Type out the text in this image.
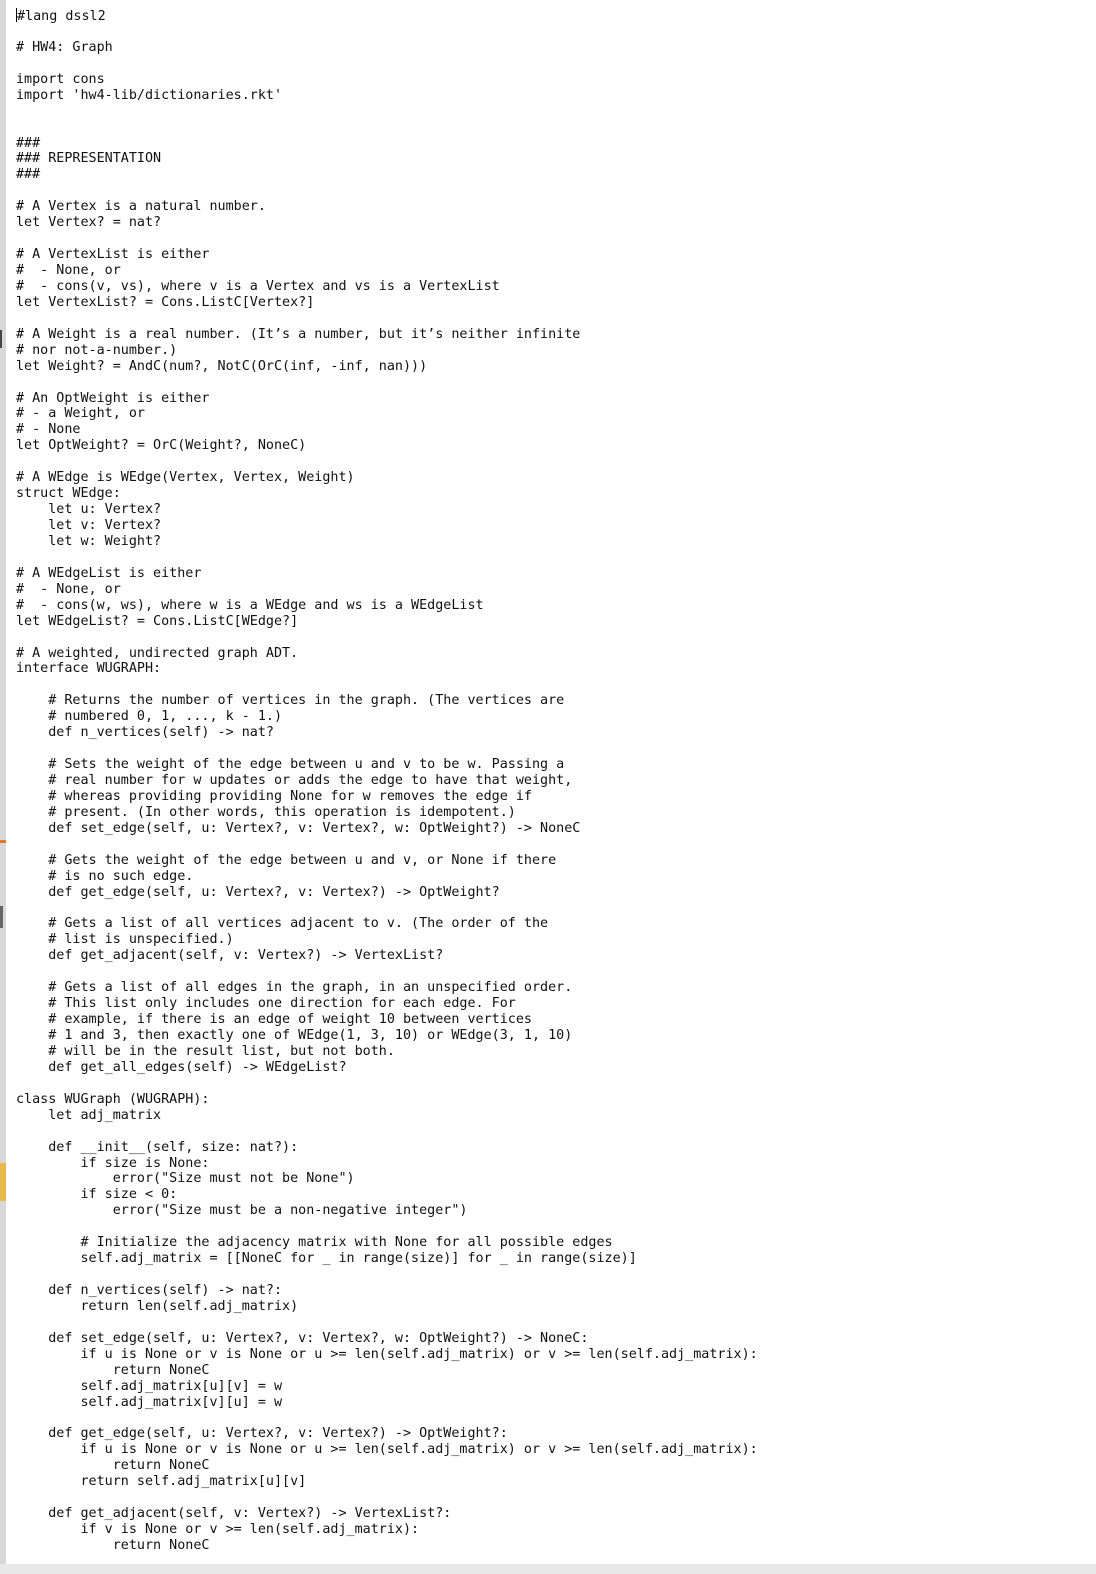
#lang dssl2
# HW4: Graph
import cons
import 'hw4-lib/dictionaries.rkt'
###
### REPRESENTATION
###
# A Vertex is a natural number.
let Vertex? = nat?
# A VertexList is either
#  - None, or
#  - cons(v, vs), where v is a Vertex and vs is a VertexList
let VertexList? = Cons.ListC[Vertex?]
# A Weight is a real number. (It’s a number, but it’s neither infinite
# nor not-a-number.)
let Weight? = AndC(num?, NotC(OrC(inf, -inf, nan)))
# An OptWeight is either
# - a Weight, or
# - None
let OptWeight? = OrC(Weight?, NoneC)
# A WEdge is WEdge(Vertex, Vertex, Weight)
struct WEdge:
let u: Vertex?
let v: Vertex?
let w: Weight?
# A WEdgeList is either
#  - None, or
#  - cons(w, ws), where w is a WEdge and ws is a WEdgeList
let WEdgeList? = Cons.ListC[WEdge?]
# A weighted, undirected graph ADT.
interface WUGRAPH:
# Returns the number of vertices in the graph. (The vertices are
# numbered 0, 1, ..., k - 1.)
def n_vertices(self) -> nat?
# Sets the weight of the edge between u and v to be w. Passing a
# real number for w updates or adds the edge to have that weight,
# whereas providing providing None for w removes the edge if
# present. (In other words, this operation is idempotent.)
def set_edge(self, u: Vertex?, v: Vertex?, w: OptWeight?) -> NoneC
# Gets the weight of the edge between u and v, or None if there
# is no such edge.
def get_edge(self, u: Vertex?, v: Vertex?) -> OptWeight?
# Gets a list of all vertices adjacent to v. (The order of the
# list is unspecified.)
def get_adjacent(self, v: Vertex?) -> VertexList?
# Gets a list of all edges in the graph, in an unspecified order.
# This list only includes one direction for each edge. For
# example, if there is an edge of weight 10 between vertices
# 1 and 3, then exactly one of WEdge(1, 3, 10) or WEdge(3, 1, 10)
# will be in the result list, but not both.
def get_all_edges(self) -> WEdgeList?
class WUGraph (WUGRAPH):
let adj_matrix
def __init__(self, size: nat?):
if size is None:
error("Size must not be None")
if size < 0:
error("Size must be a non-negative integer")
# Initialize the adjacency matrix with None for all possible edges
self.adj_matrix = [[NoneC for _ in range(size)] for _ in range(size)]
def n_vertices(self) -> nat?:
return len(self.adj_matrix)
def set_edge(self, u: Vertex?, v: Vertex?, w: OptWeight?) -> NoneC:
if u is None or v is None or u >= len(self.adj_matrix) or v >= len(self.adj_matrix):
return NoneC
self.adj_matrix[u][v] = w
self.adj_matrix[v][u] = w
def get_edge(self, u: Vertex?, v: Vertex?) -> OptWeight?:
if u is None or v is None or u >= len(self.adj_matrix) or v >= len(self.adj_matrix):
return NoneC
return self.adj_matrix[u][v]
def get_adjacent(self, v: Vertex?) -> VertexList?:
if v is None or v >= len(self.adj_matrix):
return NoneC
